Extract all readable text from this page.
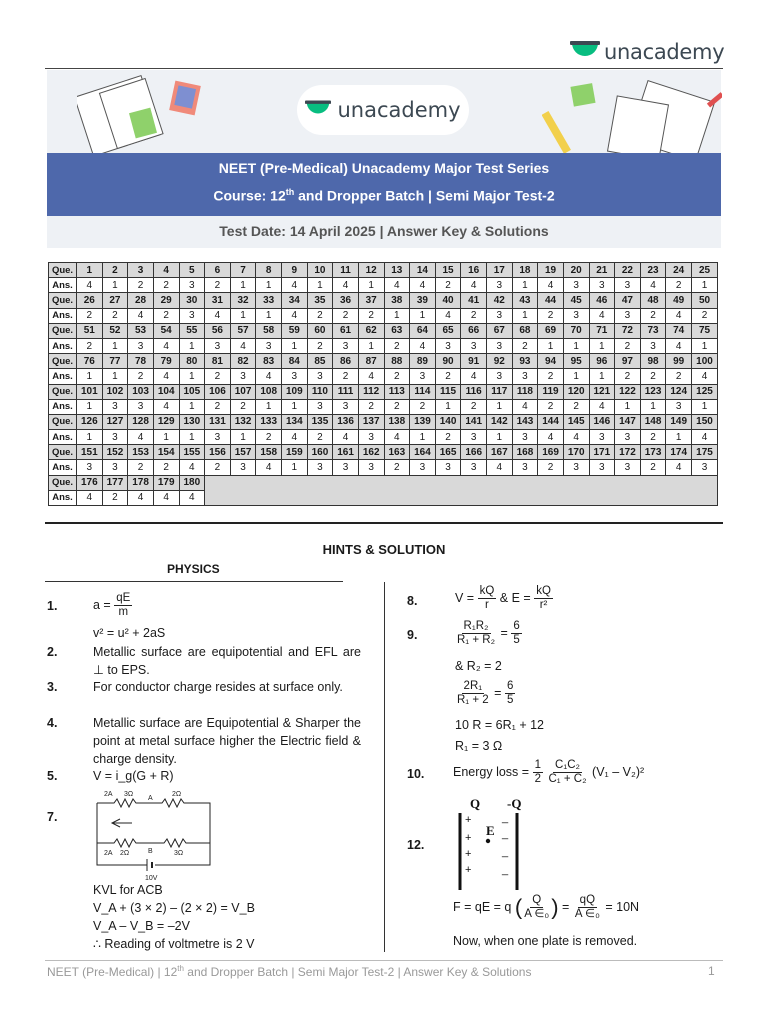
unacademy
unacademy
NEET (Pre-Medical) Unacademy Major Test Series
Course: 12th and Dropper Batch | Semi Major Test-2
Test Date: 14 April 2025 | Answer Key & Solutions
Que.	1	2	3	4	5	6	7	8	9	10	11	12	13	14	15	16	17	18	19	20	21	22	23	24	25
Ans.	4	1	2	2	3	2	1	1	4	1	4	1	4	4	2	4	3	1	4	3	3	3	4	2	1
Que.	26	27	28	29	30	31	32	33	34	35	36	37	38	39	40	41	42	43	44	45	46	47	48	49	50
Ans.	2	2	4	2	3	4	1	1	4	2	2	2	1	1	4	2	3	1	2	3	4	3	2	4	2
Que.	51	52	53	54	55	56	57	58	59	60	61	62	63	64	65	66	67	68	69	70	71	72	73	74	75
Ans.	2	1	3	4	1	3	4	3	1	2	3	1	2	4	3	3	3	2	1	1	1	2	3	4	1
Que.	76	77	78	79	80	81	82	83	84	85	86	87	88	89	90	91	92	93	94	95	96	97	98	99	100
Ans.	1	1	2	4	1	2	3	4	3	3	2	4	2	3	2	4	3	3	2	1	1	2	2	2	4
Que.	101	102	103	104	105	106	107	108	109	110	111	112	113	114	115	116	117	118	119	120	121	122	123	124	125
Ans.	1	3	3	4	1	2	2	1	1	3	3	2	2	2	1	2	1	4	2	2	4	1	1	3	1
Que.	126	127	128	129	130	131	132	133	134	135	136	137	138	139	140	141	142	143	144	145	146	147	148	149	150
Ans.	1	3	4	1	1	3	1	2	4	2	4	3	4	1	2	3	1	3	4	4	3	3	2	1	4
Que.	151	152	153	154	155	156	157	158	159	160	161	162	163	164	165	166	167	168	169	170	171	172	173	174	175
Ans.	3	3	2	2	4	2	3	4	1	3	3	3	2	3	3	3	4	3	2	3	3	3	2	4	3
Que.	176	177	178	179	180																				
Ans.	4	2	4	4	4																				
HINTS & SOLUTION
PHYSICS
1.	$a = \frac{qE}{m}$
v² = u² + 2aS
2.	Metallic surface are equipotential and EFL are ⊥ to EPS.
3.	For conductor charge resides at surface only.
4.	Metallic surface are Equipotential & Sharper the point at metal surface higher the Electric field & charge density.
5.	V = i_g(G + R)
7.
2A 3Ω
A
2Ω
2A 2Ω	B	3Ω
10V
KVL for ACB
V_A + (3 × 2) – (2 × 2) = V_B
V_A – V_B = –2V
∴ Reading of voltmetre is 2 V
8.	$V = \frac{kQ}{r}$ & $E = \frac{kQ}{\text{r²}}$
9.	$\frac{\text{R₁R₂}}{\text{R₁ + R₂}} = \frac{6}{5}$
& R₂ = 2
$\frac{\text{2R₁}}{\text{R₁ + 2}} = \frac{6}{5}$
10 R = 6R₁ + 12
R₁ = 3 Ω
10. Energy loss = $\frac{1}{2}$
$\frac{\text{C₁C₂}}{\text{C₁ + C₂}} (V_1 - V_2)^2$
12.
Q -Q
E
+
+
+
+
_
_
_
_
F = qE = q ( $\frac{Q}{\text{A ∈₀}}$ ) = $\frac{qQ}{\text{A ∈₀}} = 10N$
Now, when one plate is removed.
NEET (Pre-Medical) | 12th and Dropper Batch | Semi Major Test-2 | Answer Key & Solutions	1
